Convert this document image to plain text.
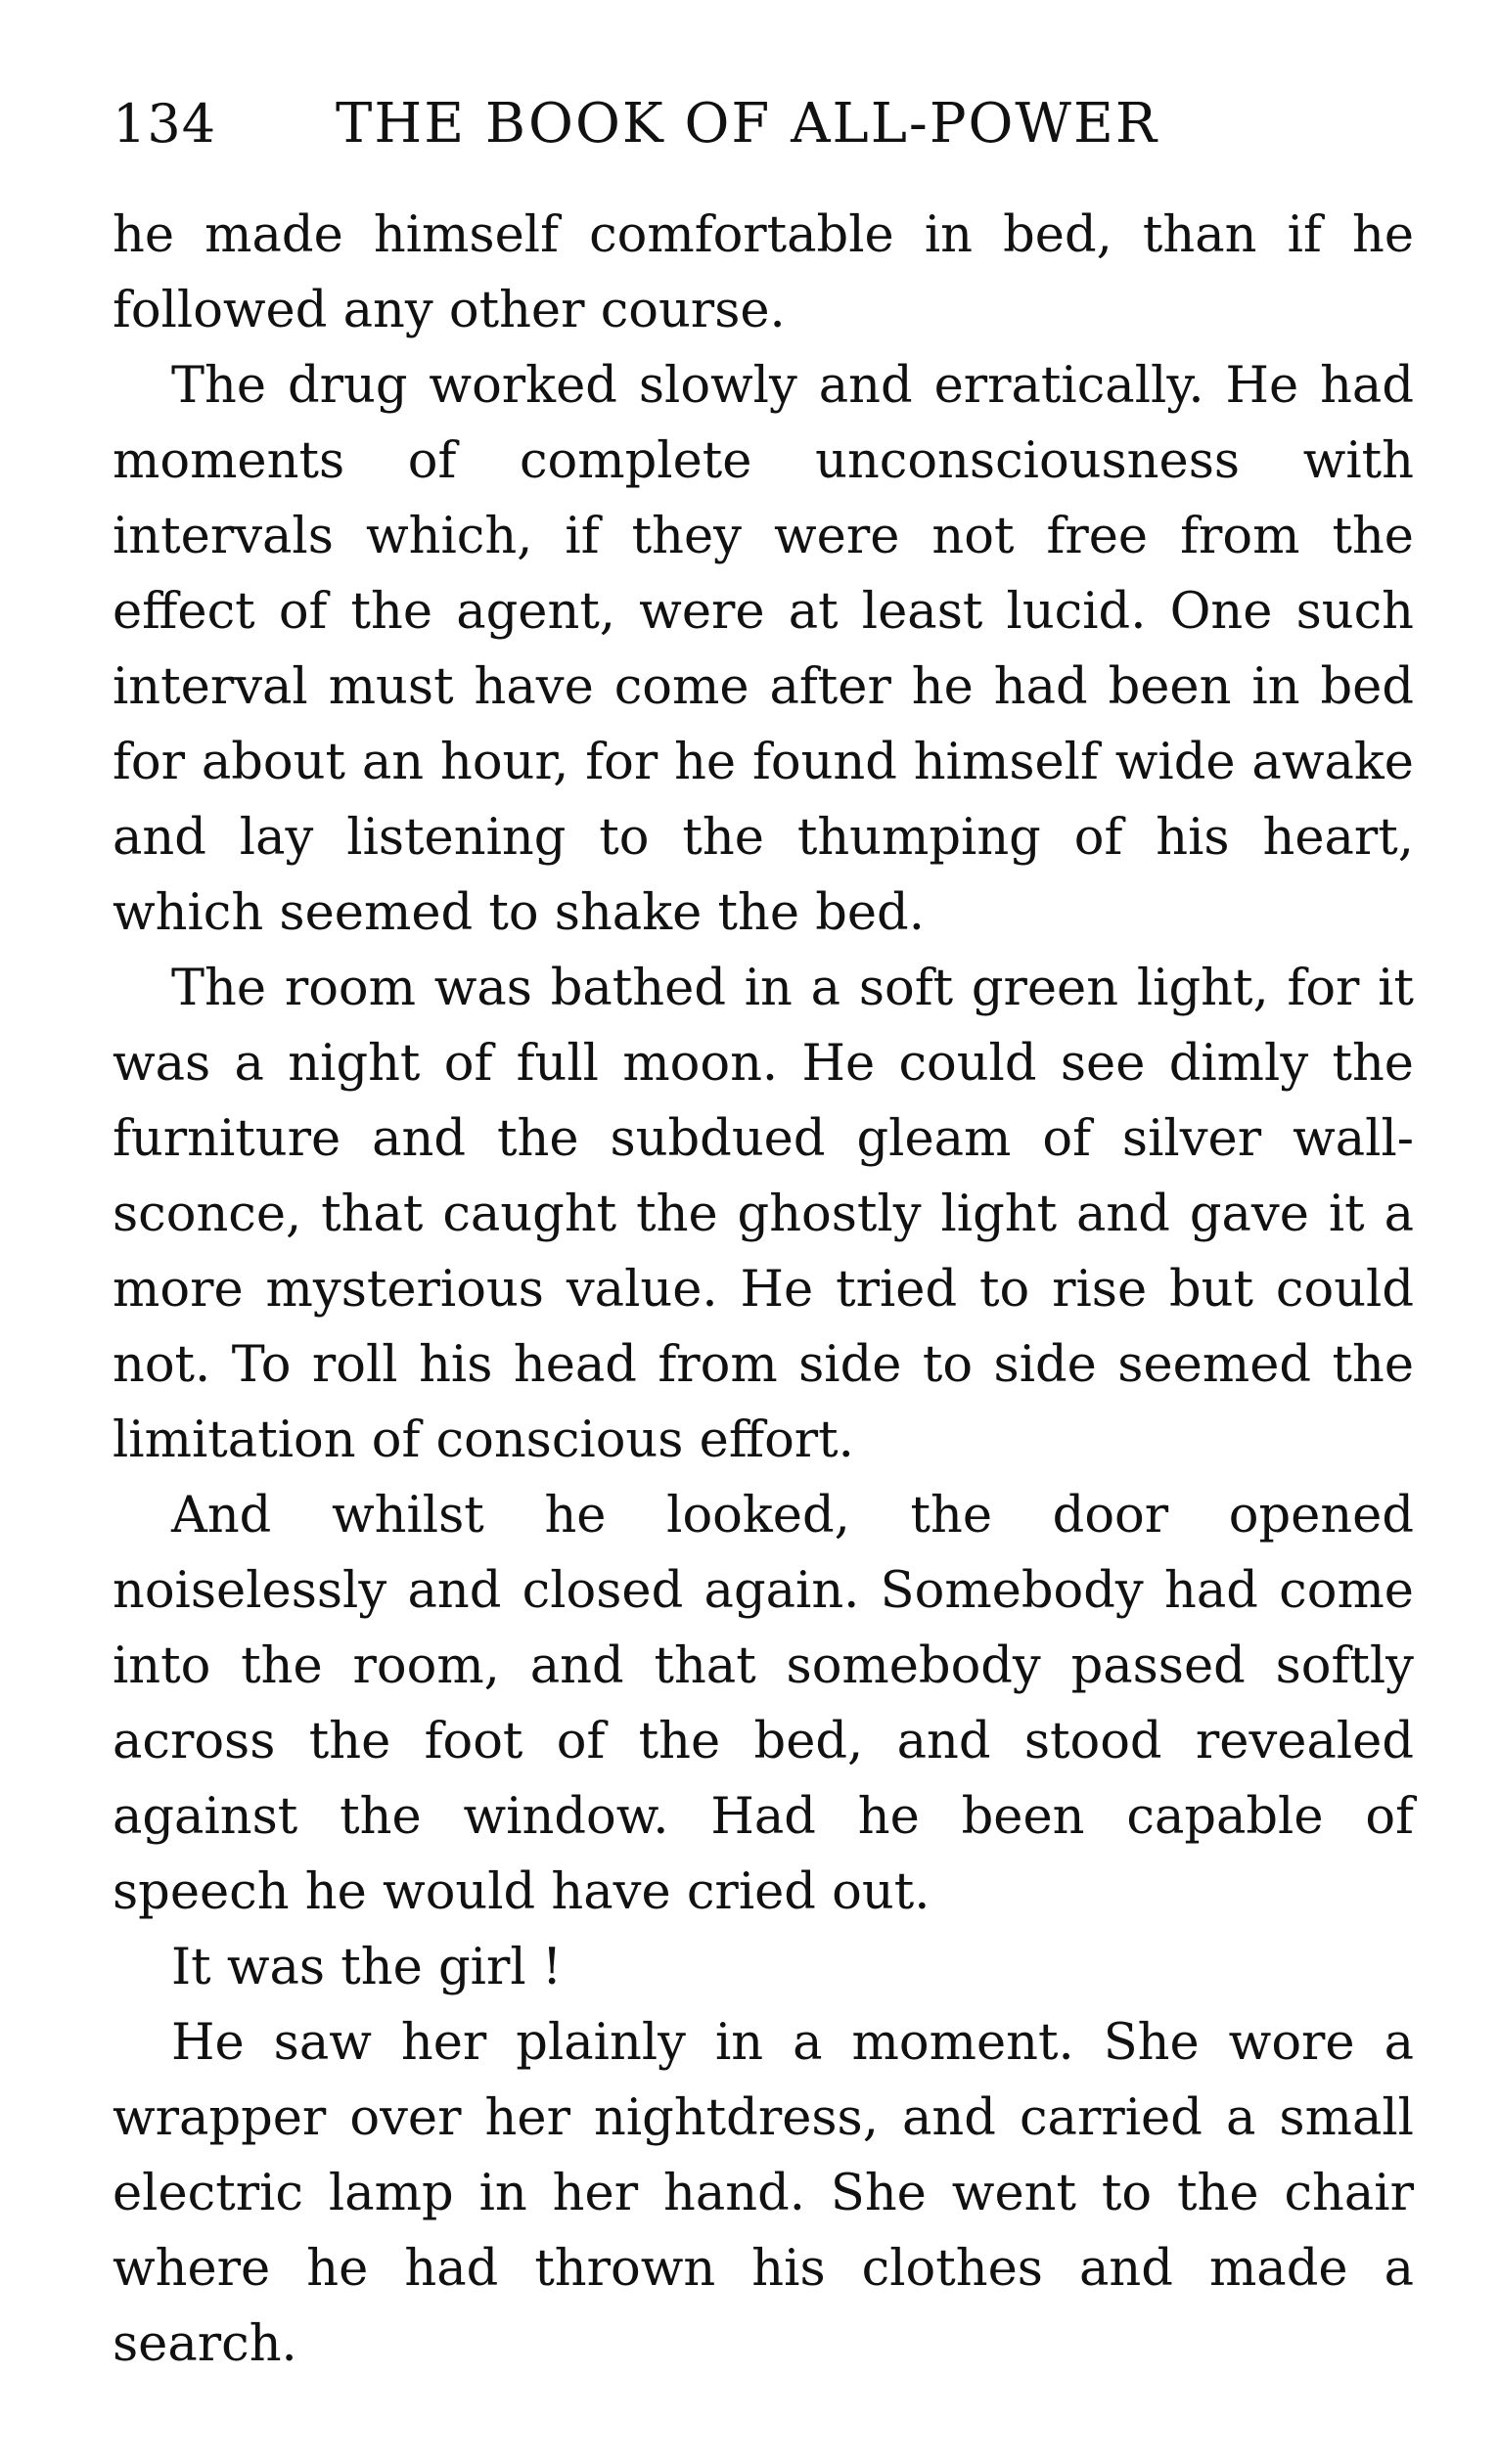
134 THE BOOK OF ALL-POWER

he made himself comfortable in bed, than if he followed any other course.

The drug worked slowly and erratically. He had moments of complete unconsciousness with intervals which, if they were not free from the effect of the agent, were at least lucid. One such interval must have come after he had been in bed for about an hour, for he found himself wide awake and lay listening to the thumping of his heart, which seemed to shake the bed.

The room was bathed in a soft green light, for it was a night of full moon. He could see dimly the furniture and the subdued gleam of silver wall-sconce, that caught the ghostly light and gave it a more mysterious value. He tried to rise but could not. To roll his head from side to side seemed the limitation of conscious effort.

And whilst he looked, the door opened noiselessly and closed again. Somebody had come into the room, and that somebody passed softly across the foot of the bed, and stood revealed against the window. Had he been capable of speech he would have cried out.

It was the girl !

He saw her plainly in a moment. She wore a wrapper over her nightdress, and carried a small electric lamp in her hand. She went to the chair where he had thrown his clothes and made a search.
